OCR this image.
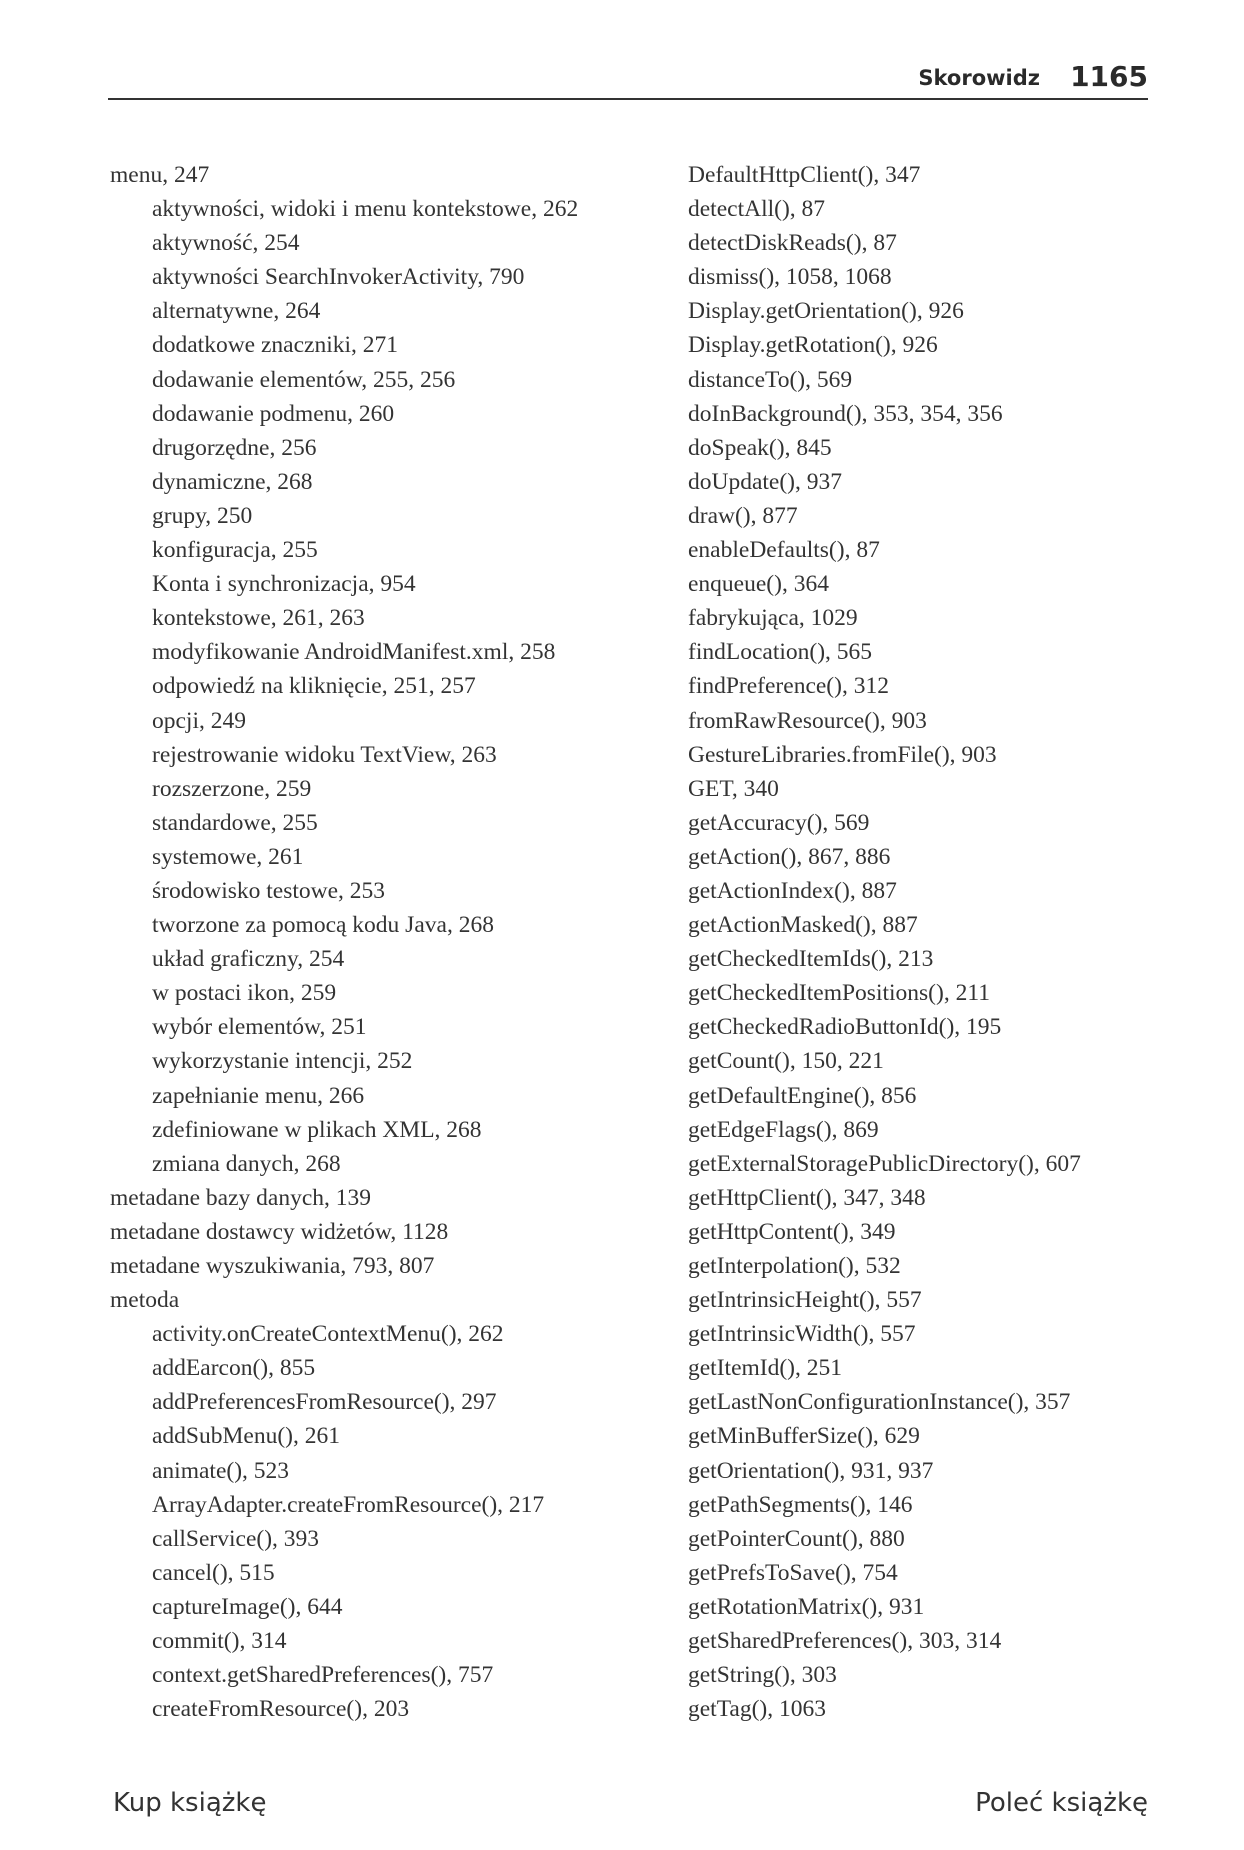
Skorowidz 1165
menu, 247
aktywności, widoki i menu kontekstowe, 262
aktywność, 254
aktywności SearchInvokerActivity, 790
alternatywne, 264
dodatkowe znaczniki, 271
dodawanie elementów, 255, 256
dodawanie podmenu, 260
drugorzędne, 256
dynamiczne, 268
grupy, 250
konfiguracja, 255
Konta i synchronizacja, 954
kontekstowe, 261, 263
modyfikowanie AndroidManifest.xml, 258
odpowiedź na kliknięcie, 251, 257
opcji, 249
rejestrowanie widoku TextView, 263
rozszerzone, 259
standardowe, 255
systemowe, 261
środowisko testowe, 253
tworzone za pomocą kodu Java, 268
układ graficzny, 254
w postaci ikon, 259
wybór elementów, 251
wykorzystanie intencji, 252
zapełnianie menu, 266
zdefiniowane w plikach XML, 268
zmiana danych, 268
metadane bazy danych, 139
metadane dostawcy widżetów, 1128
metadane wyszukiwania, 793, 807
metoda
activity.onCreateContextMenu(), 262
addEarcon(), 855
addPreferencesFromResource(), 297
addSubMenu(), 261
animate(), 523
ArrayAdapter.createFromResource(), 217
callService(), 393
cancel(), 515
captureImage(), 644
commit(), 314
context.getSharedPreferences(), 757
createFromResource(), 203
DefaultHttpClient(), 347
detectAll(), 87
detectDiskReads(), 87
dismiss(), 1058, 1068
Display.getOrientation(), 926
Display.getRotation(), 926
distanceTo(), 569
doInBackground(), 353, 354, 356
doSpeak(), 845
doUpdate(), 937
draw(), 877
enableDefaults(), 87
enqueue(), 364
fabrykująca, 1029
findLocation(), 565
findPreference(), 312
fromRawResource(), 903
GestureLibraries.fromFile(), 903
GET, 340
getAccuracy(), 569
getAction(), 867, 886
getActionIndex(), 887
getActionMasked(), 887
getCheckedItemIds(), 213
getCheckedItemPositions(), 211
getCheckedRadioButtonId(), 195
getCount(), 150, 221
getDefaultEngine(), 856
getEdgeFlags(), 869
getExternalStoragePublicDirectory(), 607
getHttpClient(), 347, 348
getHttpContent(), 349
getInterpolation(), 532
getIntrinsicHeight(), 557
getIntrinsicWidth(), 557
getItemId(), 251
getLastNonConfigurationInstance(), 357
getMinBufferSize(), 629
getOrientation(), 931, 937
getPathSegments(), 146
getPointerCount(), 880
getPrefsToSave(), 754
getRotationMatrix(), 931
getSharedPreferences(), 303, 314
getString(), 303
getTag(), 1063
Kup książkę	Poleć książkę
